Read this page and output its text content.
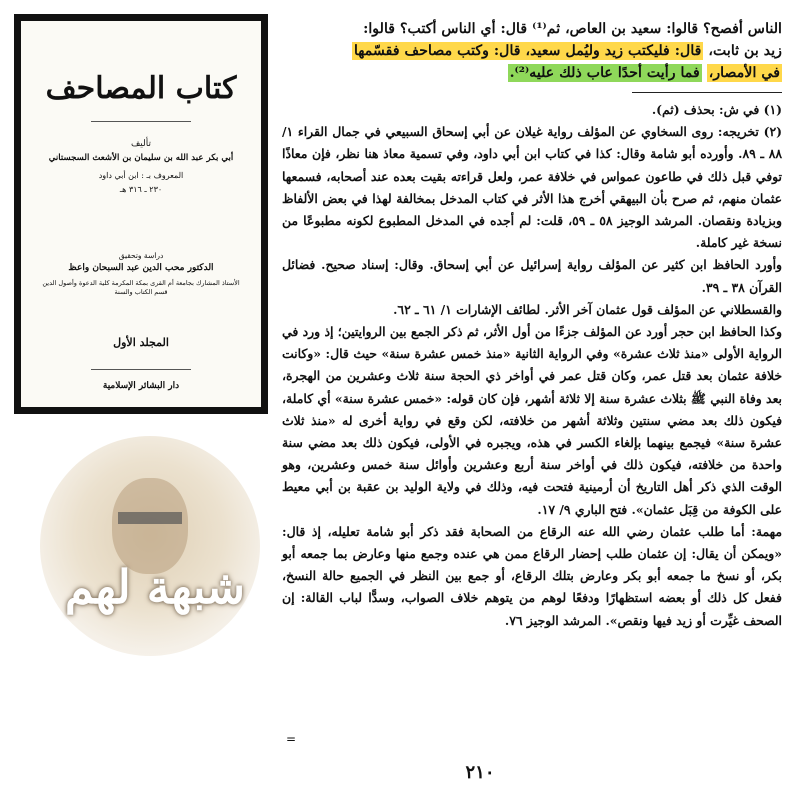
كتاب المصاحف
تأليف
أبي بكر عبد الله بن سليمان بن الأشعث السجستاني
المعروف بـ : ابن أبي داود
٢٣٠ ـ ٣١٦ هـ
دراسة وتحقيق
الدكتور محب الدين عبد السبحان واعظ
الأستاذ المشارك بجامعة أم القرى بمكة المكرمة كلية الدعوة وأصول الدين قسم الكتاب والسنة
المجلد الأول
دار البشائر الإسلامية
شبهة لهم

الناس أفصح؟ قالوا: سعيد بن العاص، ثم⁽¹⁾ قال: أي الناس أكتب؟ قالوا:

زيد بن ثابت، قال: فليكتب زيد وليُمل سعيد، قال: وكتب مصاحف فقسّمها

في الأمصار، فما رأيت أحدًا عاب ذلك عليه⁽²⁾.

(١) في ش: بحذف (ثم).

(٢) تخريجه: روى السخاوي عن المؤلف رواية غيلان عن أبي إسحاق السبيعي في جمال القراء ١/ ٨٨ ـ ٨٩. وأورده أبو شامة وقال: كذا في كتاب ابن أبي داود، وفي تسمية معاذ هنا نظر، فإن معاذًا توفي قبل ذلك في طاعون عمواس في خلافة عمر، ولعل قراءته بقيت بعده عند أصحابه، فسمعها عثمان منهم، ثم صرح بأن البيهقي أخرج هذا الأثر في كتاب المدخل بمخالفة لهذا في بعض الألفاظ وبزيادة ونقصان. المرشد الوجيز ٥٨ ـ ٥٩، قلت: لم أجده في المدخل المطبوع لكونه مطبوعًا من نسخة غير كاملة.

وأورد الحافظ ابن كثير عن المؤلف رواية إسرائيل عن أبي إسحاق. وقال: إسناد صحيح. فضائل القرآن ٣٨ ـ ٣٩.

والقسطلاني عن المؤلف قول عثمان آخر الأثر. لطائف الإشارات ١/ ٦١ ـ ٦٢.

وكذا الحافظ ابن حجر أورد عن المؤلف جزءًا من أول الأثر، ثم ذكر الجمع بين الروايتين؛ إذ ورد في الرواية الأولى «منذ ثلاث عشرة» وفي الرواية الثانية «منذ خمس عشرة سنة» حيث قال: «وكانت خلافة عثمان بعد قتل عمر، وكان قتل عمر في أواخر ذي الحجة سنة ثلاث وعشرين من الهجرة، بعد وفاة النبي ﷺ بثلاث عشرة سنة إلا ثلاثة أشهر، فإن كان قوله: «خمس عشرة سنة» أي كاملة، فيكون ذلك بعد مضي سنتين وثلاثة أشهر من خلافته، لكن وقع في رواية أخرى له «منذ ثلاث عشرة سنة» فيجمع بينهما بإلغاء الكسر في هذه، ويجبره في الأولى، فيكون ذلك بعد مضي سنة واحدة من خلافته، فيكون ذلك في أواخر سنة أربع وعشرين وأوائل سنة خمس وعشرين، وهو الوقت الذي ذكر أهل التاريخ أن أرمينية فتحت فيه، وذلك في ولاية الوليد بن عقبة بن أبي معيط على الكوفة من قِبَل عثمان». فتح الباري ٩/ ١٧.

مهمة: أما طلب عثمان رضي الله عنه الرقاع من الصحابة فقد ذكر أبو شامة تعليله، إذ قال: «ويمكن أن يقال: إن عثمان طلب إحضار الرقاع ممن هي عنده وجمع منها وعارض بما جمعه أبو بكر، أو نسخ ما جمعه أبو بكر وعارض بتلك الرقاع، أو جمع بين النظر في الجميع حالة النسخ، ففعل كل ذلك أو بعضه استظهارًا ودفعًا لوهم من يتوهم خلاف الصواب، وسدًّا لباب القالة: إن الصحف غيِّرت أو زيد فيها ونقص». المرشد الوجيز ٧٦.

=
٢١٠
